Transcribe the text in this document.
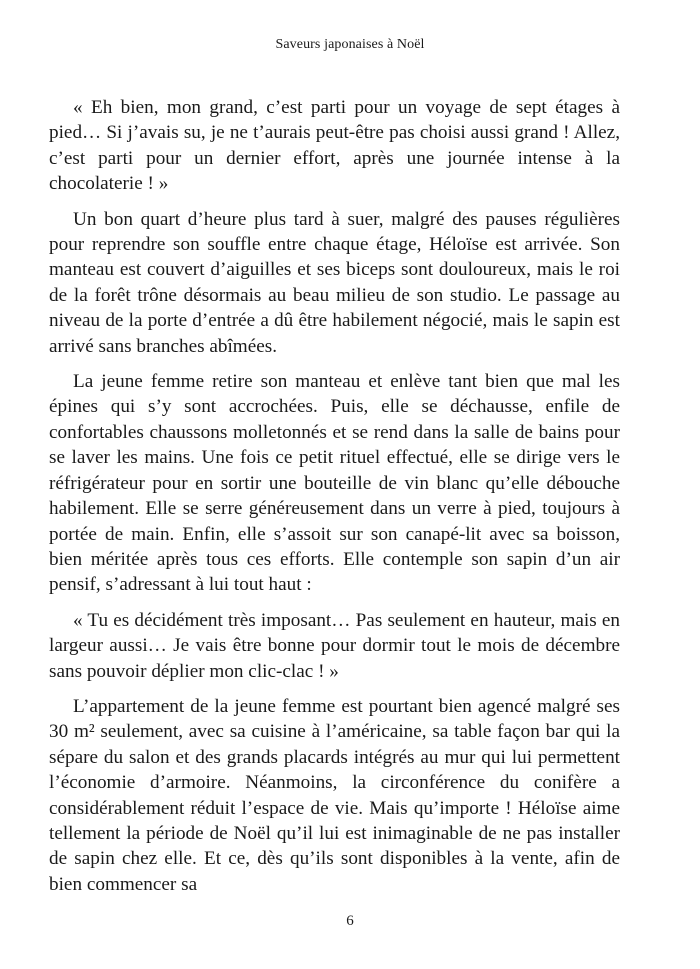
Saveurs japonaises à Noël

« Eh bien, mon grand, c’est parti pour un voyage de sept étages à pied… Si j’avais su, je ne t’aurais peut-être pas choisi aussi grand ! Allez, c’est parti pour un dernier effort, après une journée intense à la chocolaterie ! »

Un bon quart d’heure plus tard à suer, malgré des pauses régulières pour reprendre son souffle entre chaque étage, Héloïse est arrivée. Son manteau est couvert d’aiguilles et ses biceps sont douloureux, mais le roi de la forêt trône désormais au beau milieu de son studio. Le passage au niveau de la porte d’entrée a dû être habilement négocié, mais le sapin est arrivé sans branches abîmées.

La jeune femme retire son manteau et enlève tant bien que mal les épines qui s’y sont accrochées. Puis, elle se déchausse, enfile de confortables chaussons molletonnés et se rend dans la salle de bains pour se laver les mains. Une fois ce petit rituel effectué, elle se dirige vers le réfrigérateur pour en sortir une bouteille de vin blanc qu’elle débouche habilement. Elle se serre généreusement dans un verre à pied, toujours à portée de main. Enfin, elle s’assoit sur son canapé-lit avec sa boisson, bien méritée après tous ces efforts. Elle contemple son sapin d’un air pensif, s’adressant à lui tout haut :

« Tu es décidément très imposant… Pas seulement en hauteur, mais en largeur aussi… Je vais être bonne pour dormir tout le mois de décembre sans pouvoir déplier mon clic-clac ! »

L’appartement de la jeune femme est pourtant bien agencé malgré ses 30 m² seulement, avec sa cuisine à l’américaine, sa table façon bar qui la sépare du salon et des grands placards intégrés au mur qui lui permettent l’économie d’armoire. Néanmoins, la circonférence du conifère a considérablement réduit l’espace de vie. Mais qu’importe ! Héloïse aime tellement la période de Noël qu’il lui est inimaginable de ne pas installer de sapin chez elle. Et ce, dès qu’ils sont disponibles à la vente, afin de bien commencer sa

6
